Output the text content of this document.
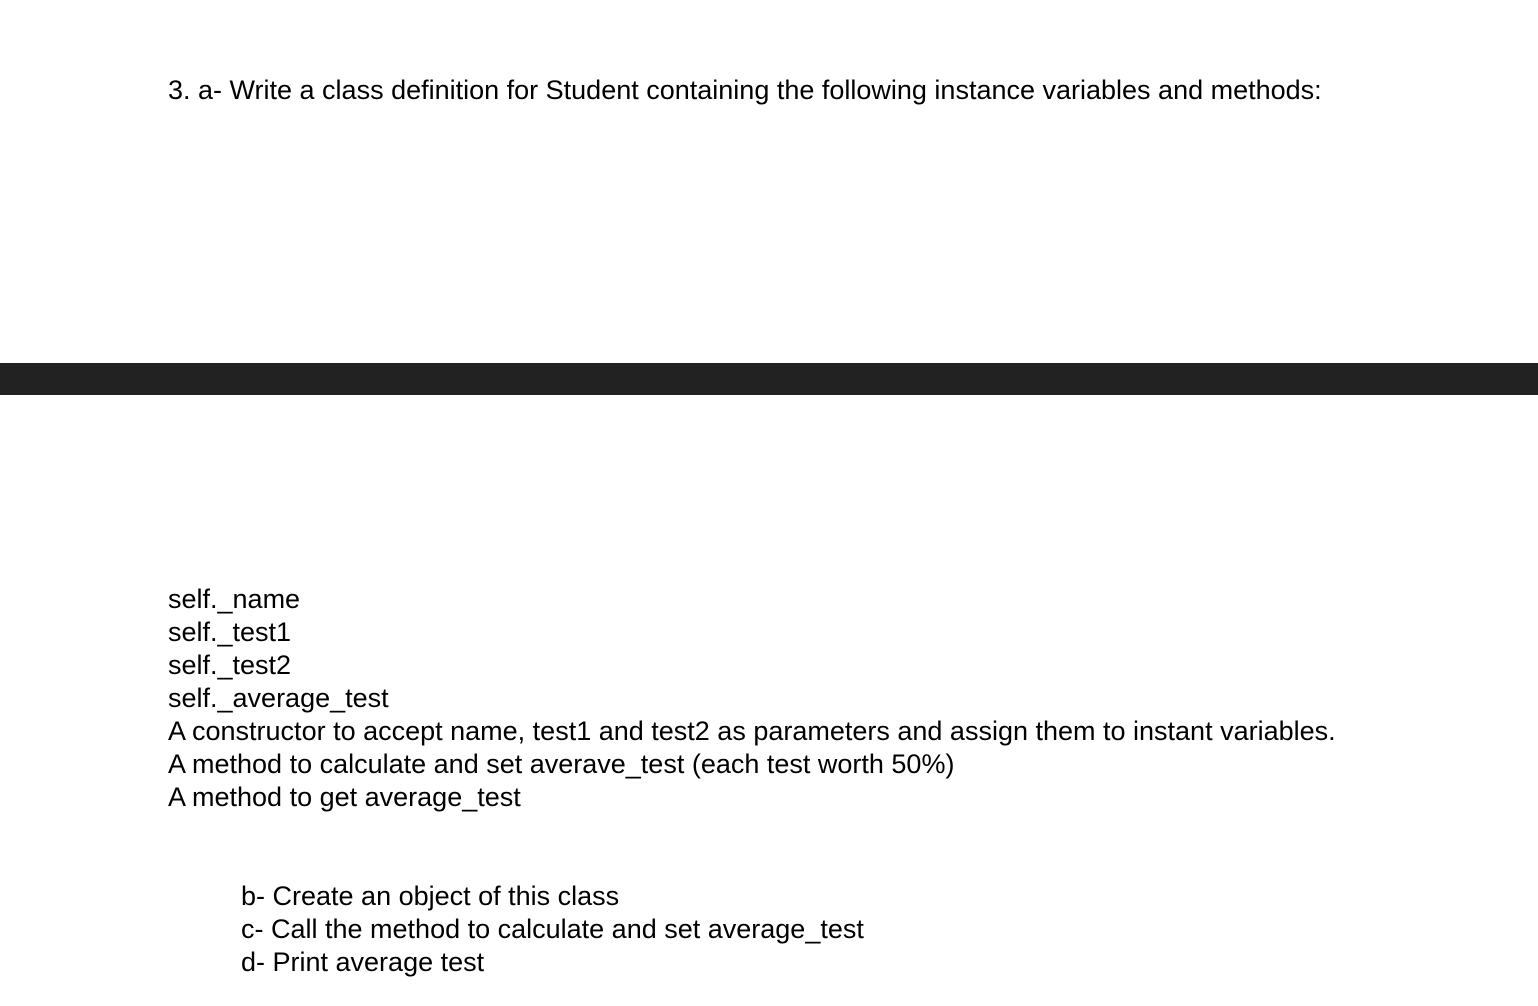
3. a- Write a class definition for Student containing the following instance variables and methods:
self._name
self._test1
self._test2
self._average_test
A constructor to accept name, test1 and test2 as parameters and assign them to instant variables.
A method to calculate and set averave_test (each test worth 50%)
A method to get average_test
b- Create an object of this class
c- Call the method to calculate and set average_test
d- Print average test
